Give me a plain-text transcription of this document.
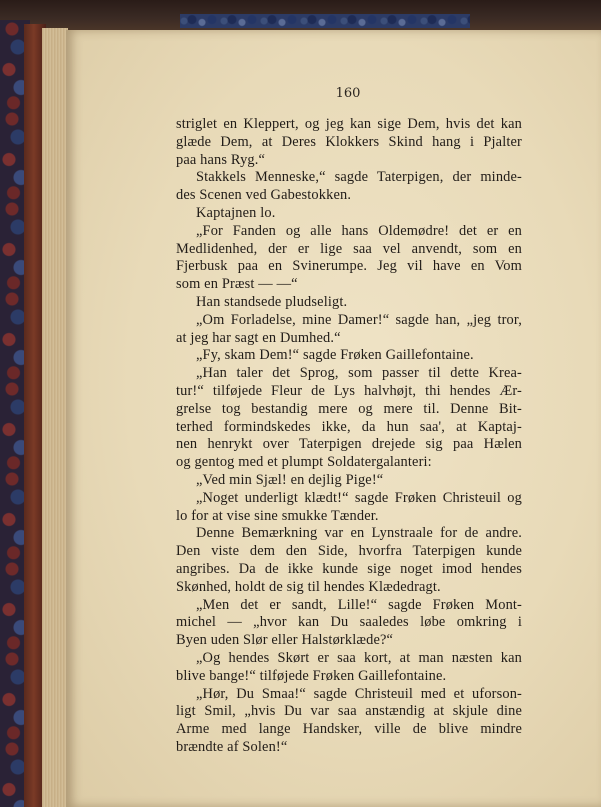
160
striglet en Kleppert, og jeg kan sige Dem, hvis det kan
glæde Dem, at Deres Klokkers Skind hang i Pjalter
paa hans Ryg.“
Stakkels Menneske,“ sagde Taterpigen, der minde-
des Scenen ved Gabestokken.
Kaptajnen lo.
„For Fanden og alle hans Oldemødre! det er en
Medlidenhed, der er lige saa vel anvendt, som en
Fjerbusk paa en Svinerumpe. Jeg vil have en Vom
som en Præst — —“
Han standsede pludseligt.
„Om Forladelse, mine Damer!“ sagde han, „jeg tror,
at jeg har sagt en Dumhed.“
„Fy, skam Dem!“ sagde Frøken Gaillefontaine.
„Han taler det Sprog, som passer til dette Krea-
tur!“ tilføjede Fleur de Lys halvhøjt, thi hendes Ær-
grelse tog bestandig mere og mere til. Denne Bit-
terhed formindskedes ikke, da hun saa', at Kaptaj-
nen henrykt over Taterpigen drejede sig paa Hælen
og gentog med et plumpt Soldatergalanteri:
„Ved min Sjæl! en dejlig Pige!“
„Noget underligt klædt!“ sagde Frøken Christeuil og
lo for at vise sine smukke Tænder.
Denne Bemærkning var en Lynstraale for de andre.
Den viste dem den Side, hvorfra Taterpigen kunde
angribes. Da de ikke kunde sige noget imod hendes
Skønhed, holdt de sig til hendes Klædedragt.
„Men det er sandt, Lille!“ sagde Frøken Mont-
michel — „hvor kan Du saaledes løbe omkring i
Byen uden Slør eller Halstørklæde?“
„Og hendes Skørt er saa kort, at man næsten kan
blive bange!“ tilføjede Frøken Gaillefontaine.
„Hør, Du Smaa!“ sagde Christeuil med et uforson-
ligt Smil, „hvis Du var saa anstændig at skjule dine
Arme med lange Handsker, ville de blive mindre
brændte af Solen!“
